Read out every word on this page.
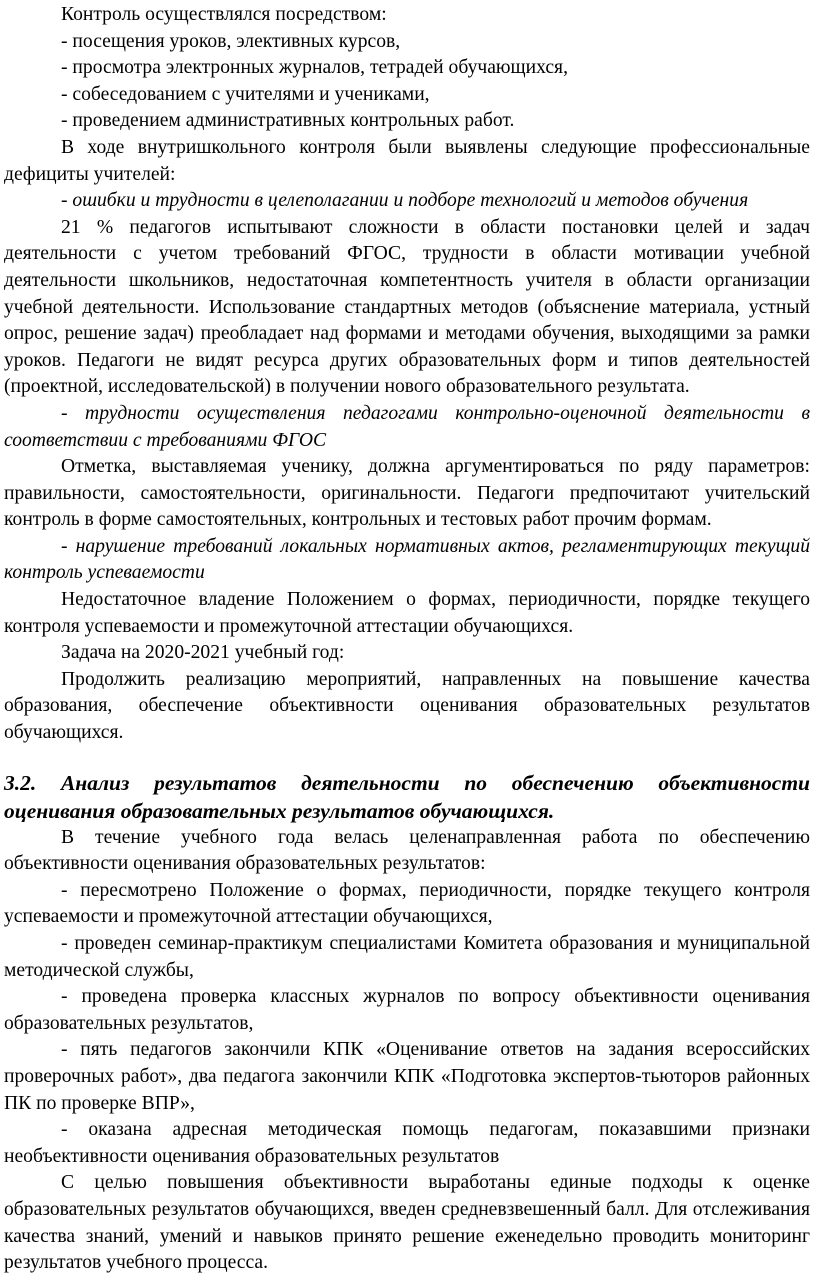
Контроль осуществлялся посредством:

- посещения уроков, элективных курсов,

- просмотра электронных журналов, тетрадей обучающихся,

- собеседованием с учителями и учениками,

- проведением административных контрольных работ.

В ходе внутришкольного контроля были выявлены следующие профессиональные дефициты учителей:

- ошибки и трудности в целеполагании и подборе технологий и методов обучения

21 % педагогов испытывают сложности в области постановки целей и задач деятельности с учетом требований ФГОС, трудности в области мотивации учебной деятельности школьников, недостаточная компетентность учителя в области организации учебной деятельности. Использование стандартных методов (объяснение материала, устный опрос, решение задач) преобладает над формами и методами обучения, выходящими за рамки уроков. Педагоги не видят ресурса других образовательных форм и типов деятельностей (проектной, исследовательской) в получении нового образовательного результата.

- трудности осуществления педагогами контрольно-оценочной деятельности в соответствии с требованиями ФГОС

Отметка, выставляемая ученику, должна аргументироваться по ряду параметров: правильности, самостоятельности, оригинальности. Педагоги предпочитают учительский контроль в форме самостоятельных, контрольных и тестовых работ прочим формам.

- нарушение требований локальных нормативных актов, регламентирующих текущий контроль успеваемости

Недостаточное владение Положением о формах, периодичности, порядке текущего контроля успеваемости и промежуточной аттестации обучающихся.

Задача на 2020-2021 учебный год:

Продолжить реализацию мероприятий, направленных на повышение качества образования, обеспечение объективности оценивания образовательных результатов обучающихся.

3.2. Анализ результатов деятельности по обеспечению объективности оценивания образовательных результатов обучающихся.

В течение учебного года велась целенаправленная работа по обеспечению объективности оценивания образовательных результатов:

- пересмотрено Положение о формах, периодичности, порядке текущего контроля успеваемости и промежуточной аттестации обучающихся,

- проведен семинар-практикум специалистами Комитета образования и муниципальной методической службы,

- проведена проверка классных журналов по вопросу объективности оценивания образовательных результатов,

- пять педагогов закончили КПК «Оценивание ответов на задания всероссийских проверочных работ», два педагога закончили КПК «Подготовка экспертов-тьюторов районных ПК по проверке ВПР»,

- оказана адресная методическая помощь педагогам, показавшими признаки необъективности оценивания образовательных результатов

С целью повышения объективности выработаны единые подходы к оценке образовательных результатов обучающихся, введен средневзвешенный балл. Для отслеживания качества знаний, умений и навыков принято решение еженедельно проводить мониторинг результатов учебного процесса.
